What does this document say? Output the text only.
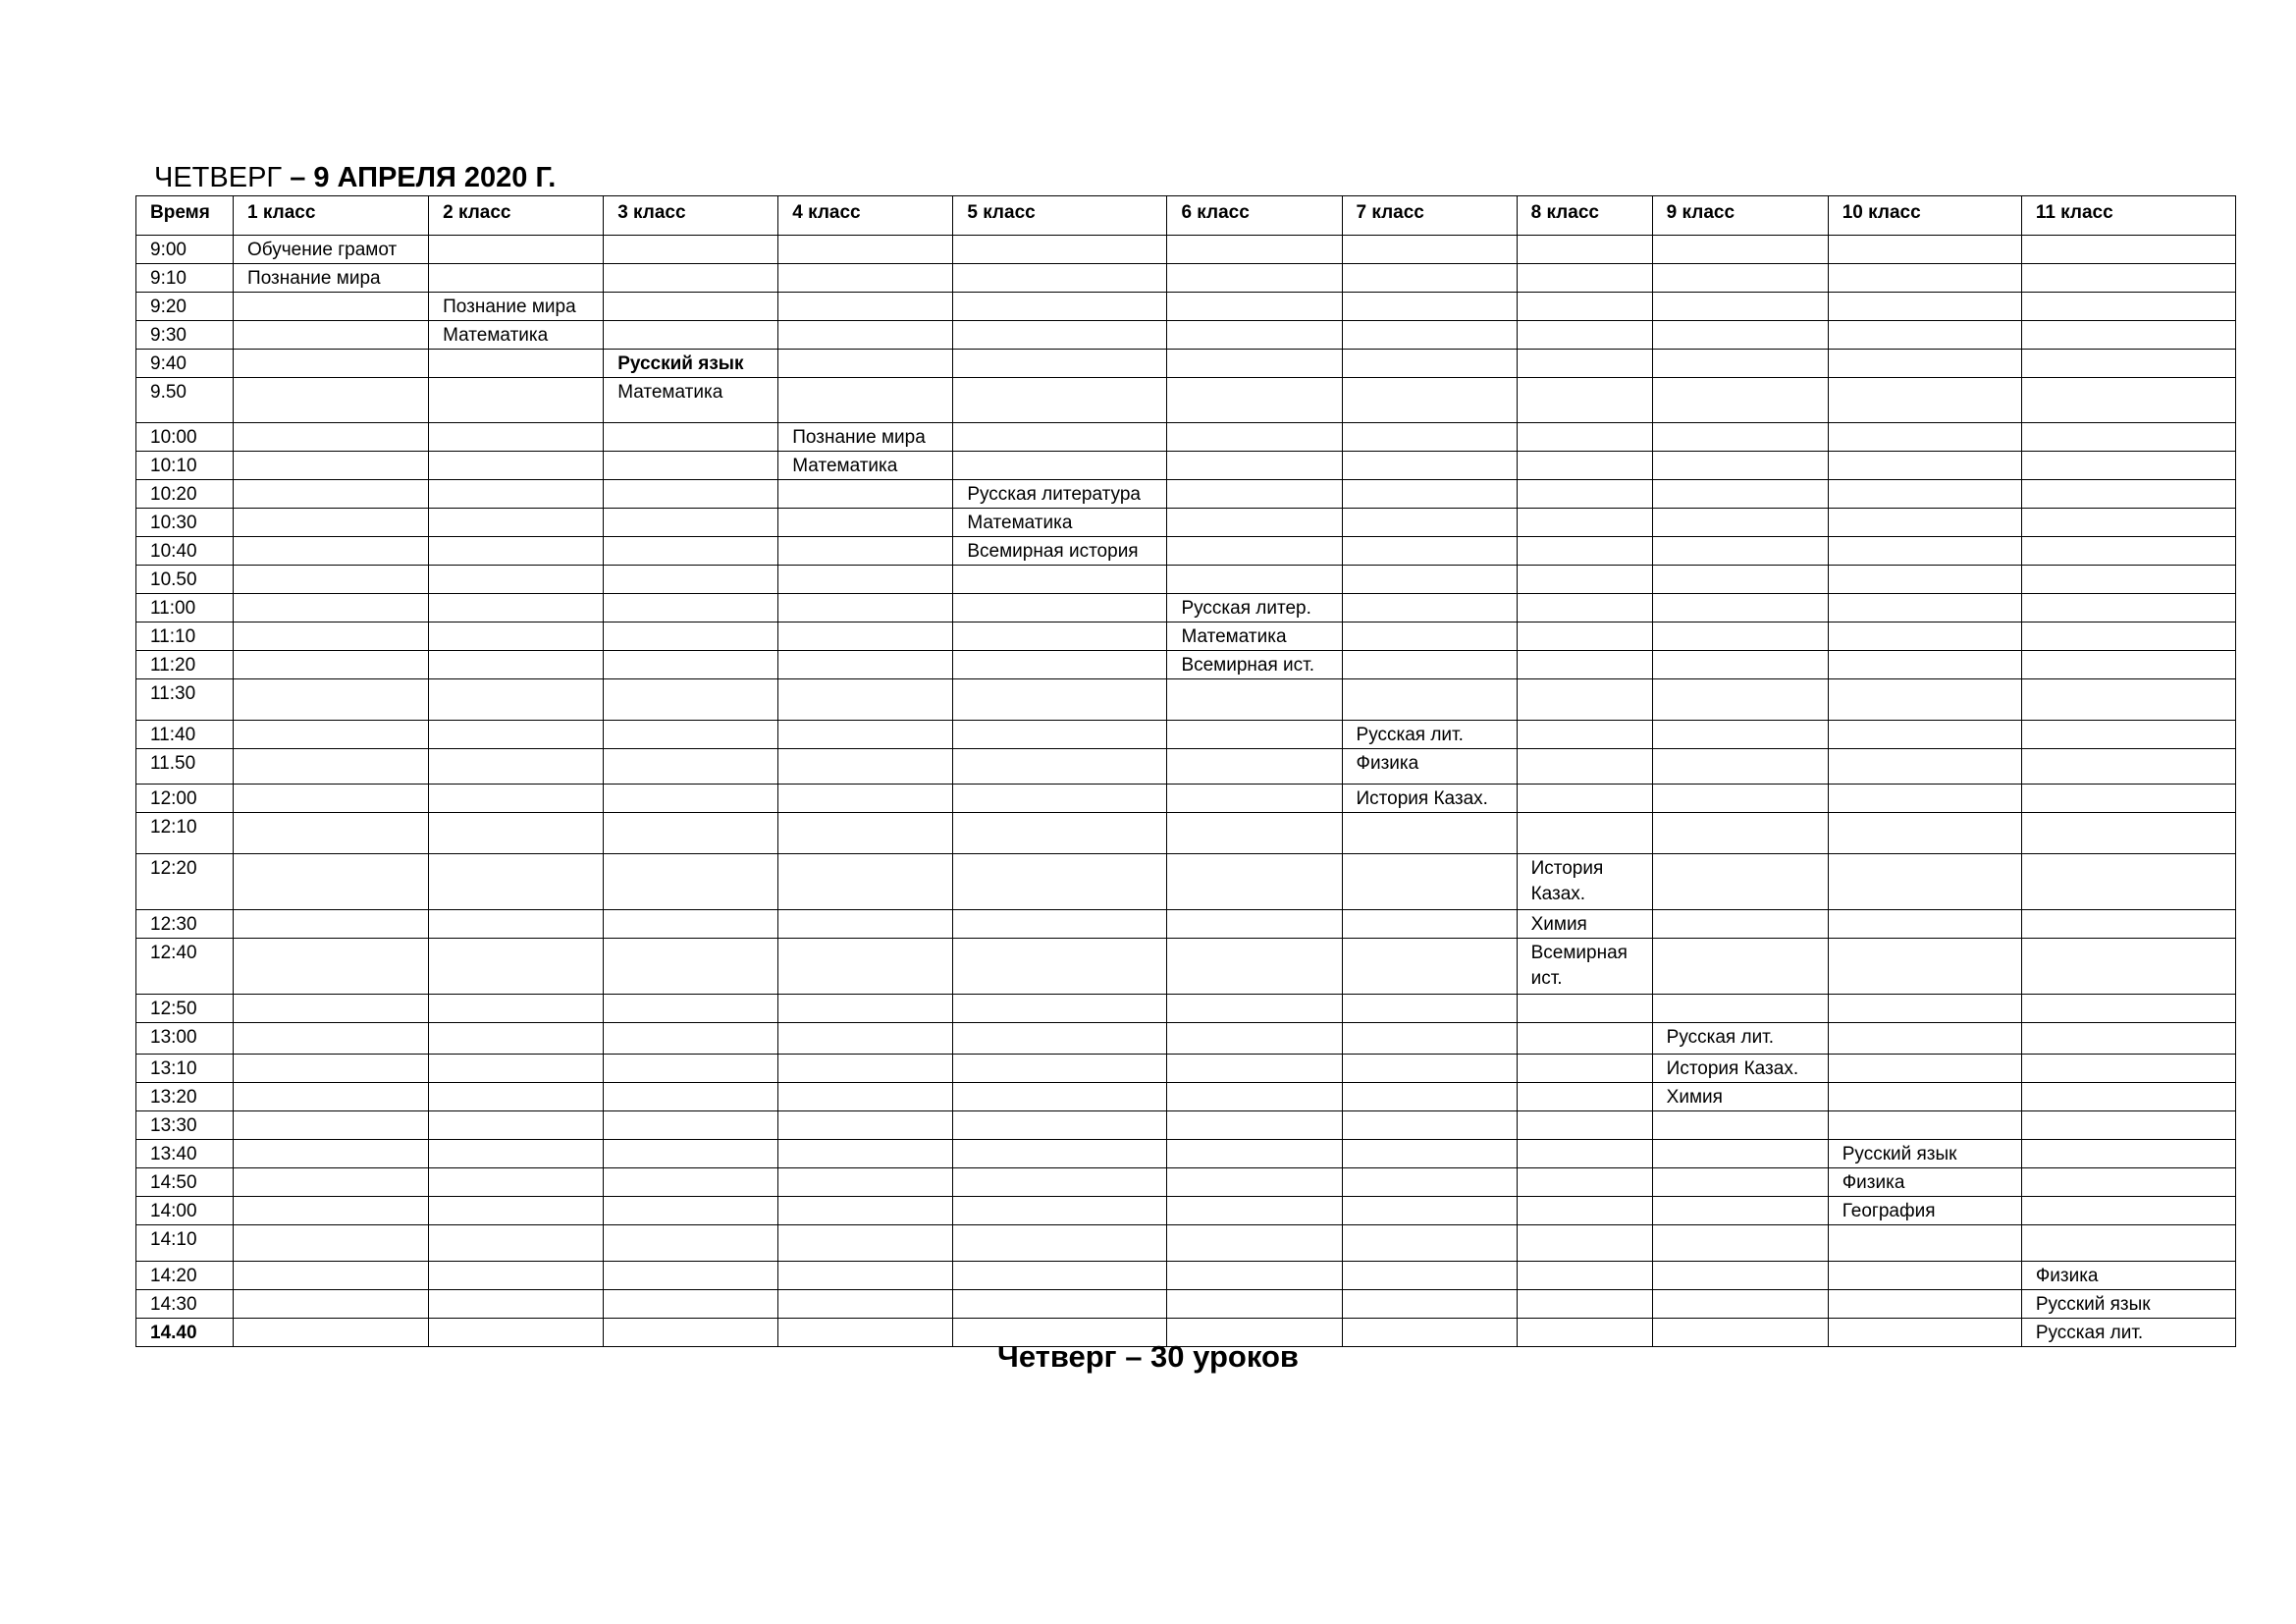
ЧЕТВЕРГ – 9 АПРЕЛЯ 2020 Г.
Время	1 класс	2 класс	3 класс	4 класс	5 класс	6 класс	7 класс	8 класс	9 класс	10 класс	11 класс
9:00	Обучение грамот										
9:10	Познание мира										
9:20		Познание мира									
9:30		Математика									
9:40			Русский язык								
9.50			Математика								
10:00				Познание мира							
10:10				Математика							
10:20					Русская литература						
10:30					Математика						
10:40					Всемирная история						
10.50											
11:00						Русская литер.					
11:10						Математика					
11:20						Всемирная ист.					
11:30											
11:40							Русская лит.				
11.50							Физика				
12:00							История Казах.				
12:10											
12:20								История Казах.			
12:30								Химия			
12:40								Всемирная ист.			
12:50											
13:00									Русская лит.		
13:10									История Казах.		
13:20									Химия		
13:30											
13:40										Русский язык	
14:50										Физика	
14:00										География	
14:10											
14:20											Физика
14:30											Русский язык
14.40											Русская лит.
Четверг – 30 уроков
